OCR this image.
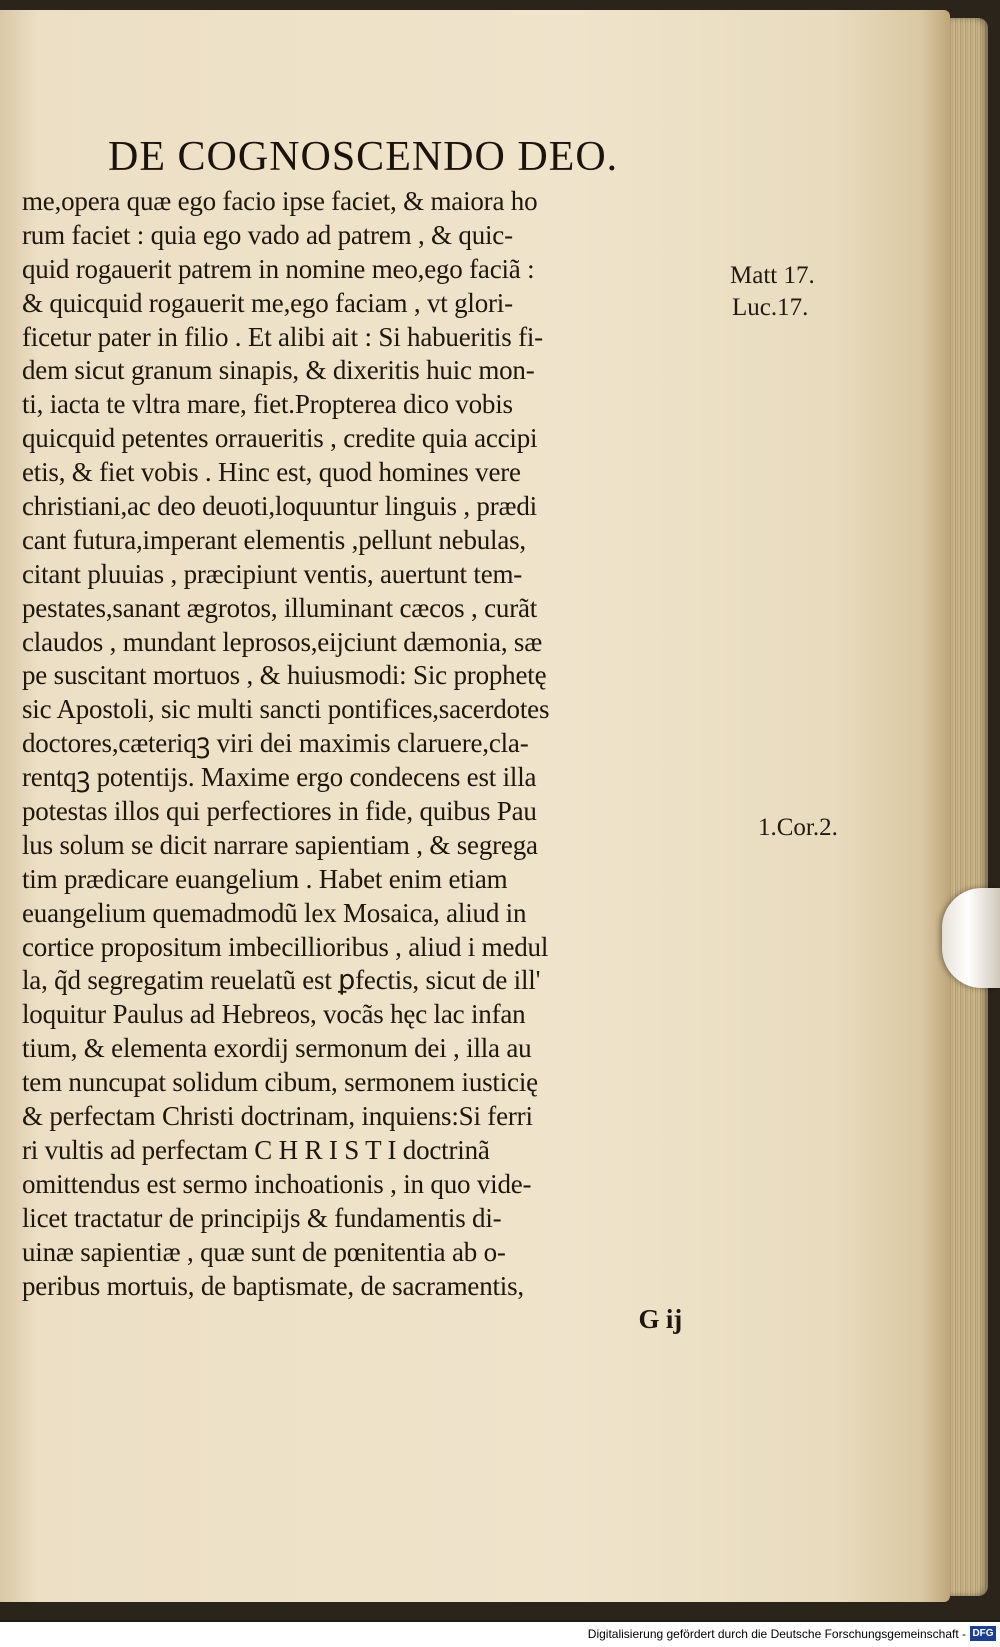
DE COGNOSCENDO DEO.
me,opera quæ ego facio ipse faciet, & maiora ho
rum faciet : quia ego vado ad patrem , & quic-
quid rogauerit patrem in nomine meo,ego faciã :
& quicquid rogauerit me,ego faciam , vt glori-
ficetur pater in filio . Et alibi ait : Si habueritis fi-
dem sicut granum sinapis, & dixeritis huic mon-
ti, iacta te vltra mare, fiet.Propterea dico vobis
quicquid petentes orraueritis , credite quia accipi
etis, & fiet vobis . Hinc est, quod homines vere
christiani,ac deo deuoti,loquuntur linguis , prædi
cant futura,imperant elementis ,pellunt nebulas,
citant pluuias , præcipiunt ventis, auertunt tem-
pestates,sanant ægrotos, illuminant cæcos , curãt
claudos , mundant leprosos,eijciunt dæmonia, sæ
pe suscitant mortuos , & huiusmodi: Sic prophetę
sic Apostoli, sic multi sancti pontifices,sacerdotes
doctores,cæteriqꝫ viri dei maximis claruere,cla-
rentqꝫ potentijs. Maxime ergo condecens est illa
potestas illos qui perfectiores in fide, quibus Pau
lus solum se dicit narrare sapientiam , & segrega
tim prædicare euangelium . Habet enim etiam
euangelium quemadmodũ lex Mosaica, aliud in
cortice propositum imbecillioribus , aliud i medul
la, q̃d segregatim reuelatũ est ꝑfectis, sicut de ill'
loquitur Paulus ad Hebreos, vocãs hęc lac infan
tium, & elementa exordij sermonum dei , illa au
tem nuncupat solidum cibum, sermonem iusticię
& perfectam Christi doctrinam, inquiens:Si ferri
ri vultis ad perfectam C H R I S T I doctrinã
omittendus est sermo inchoationis , in quo vide-
licet tractatur de principijs & fundamentis di-
uinæ sapientiæ , quæ sunt de pœnitentia ab o-
peribus mortuis, de baptismate, de sacramentis,
G ij
Matt 17.
Luc.17.
1.Cor.2.
Digitalisierung gefördert durch die Deutsche Forschungsgemeinschaft - DFG
